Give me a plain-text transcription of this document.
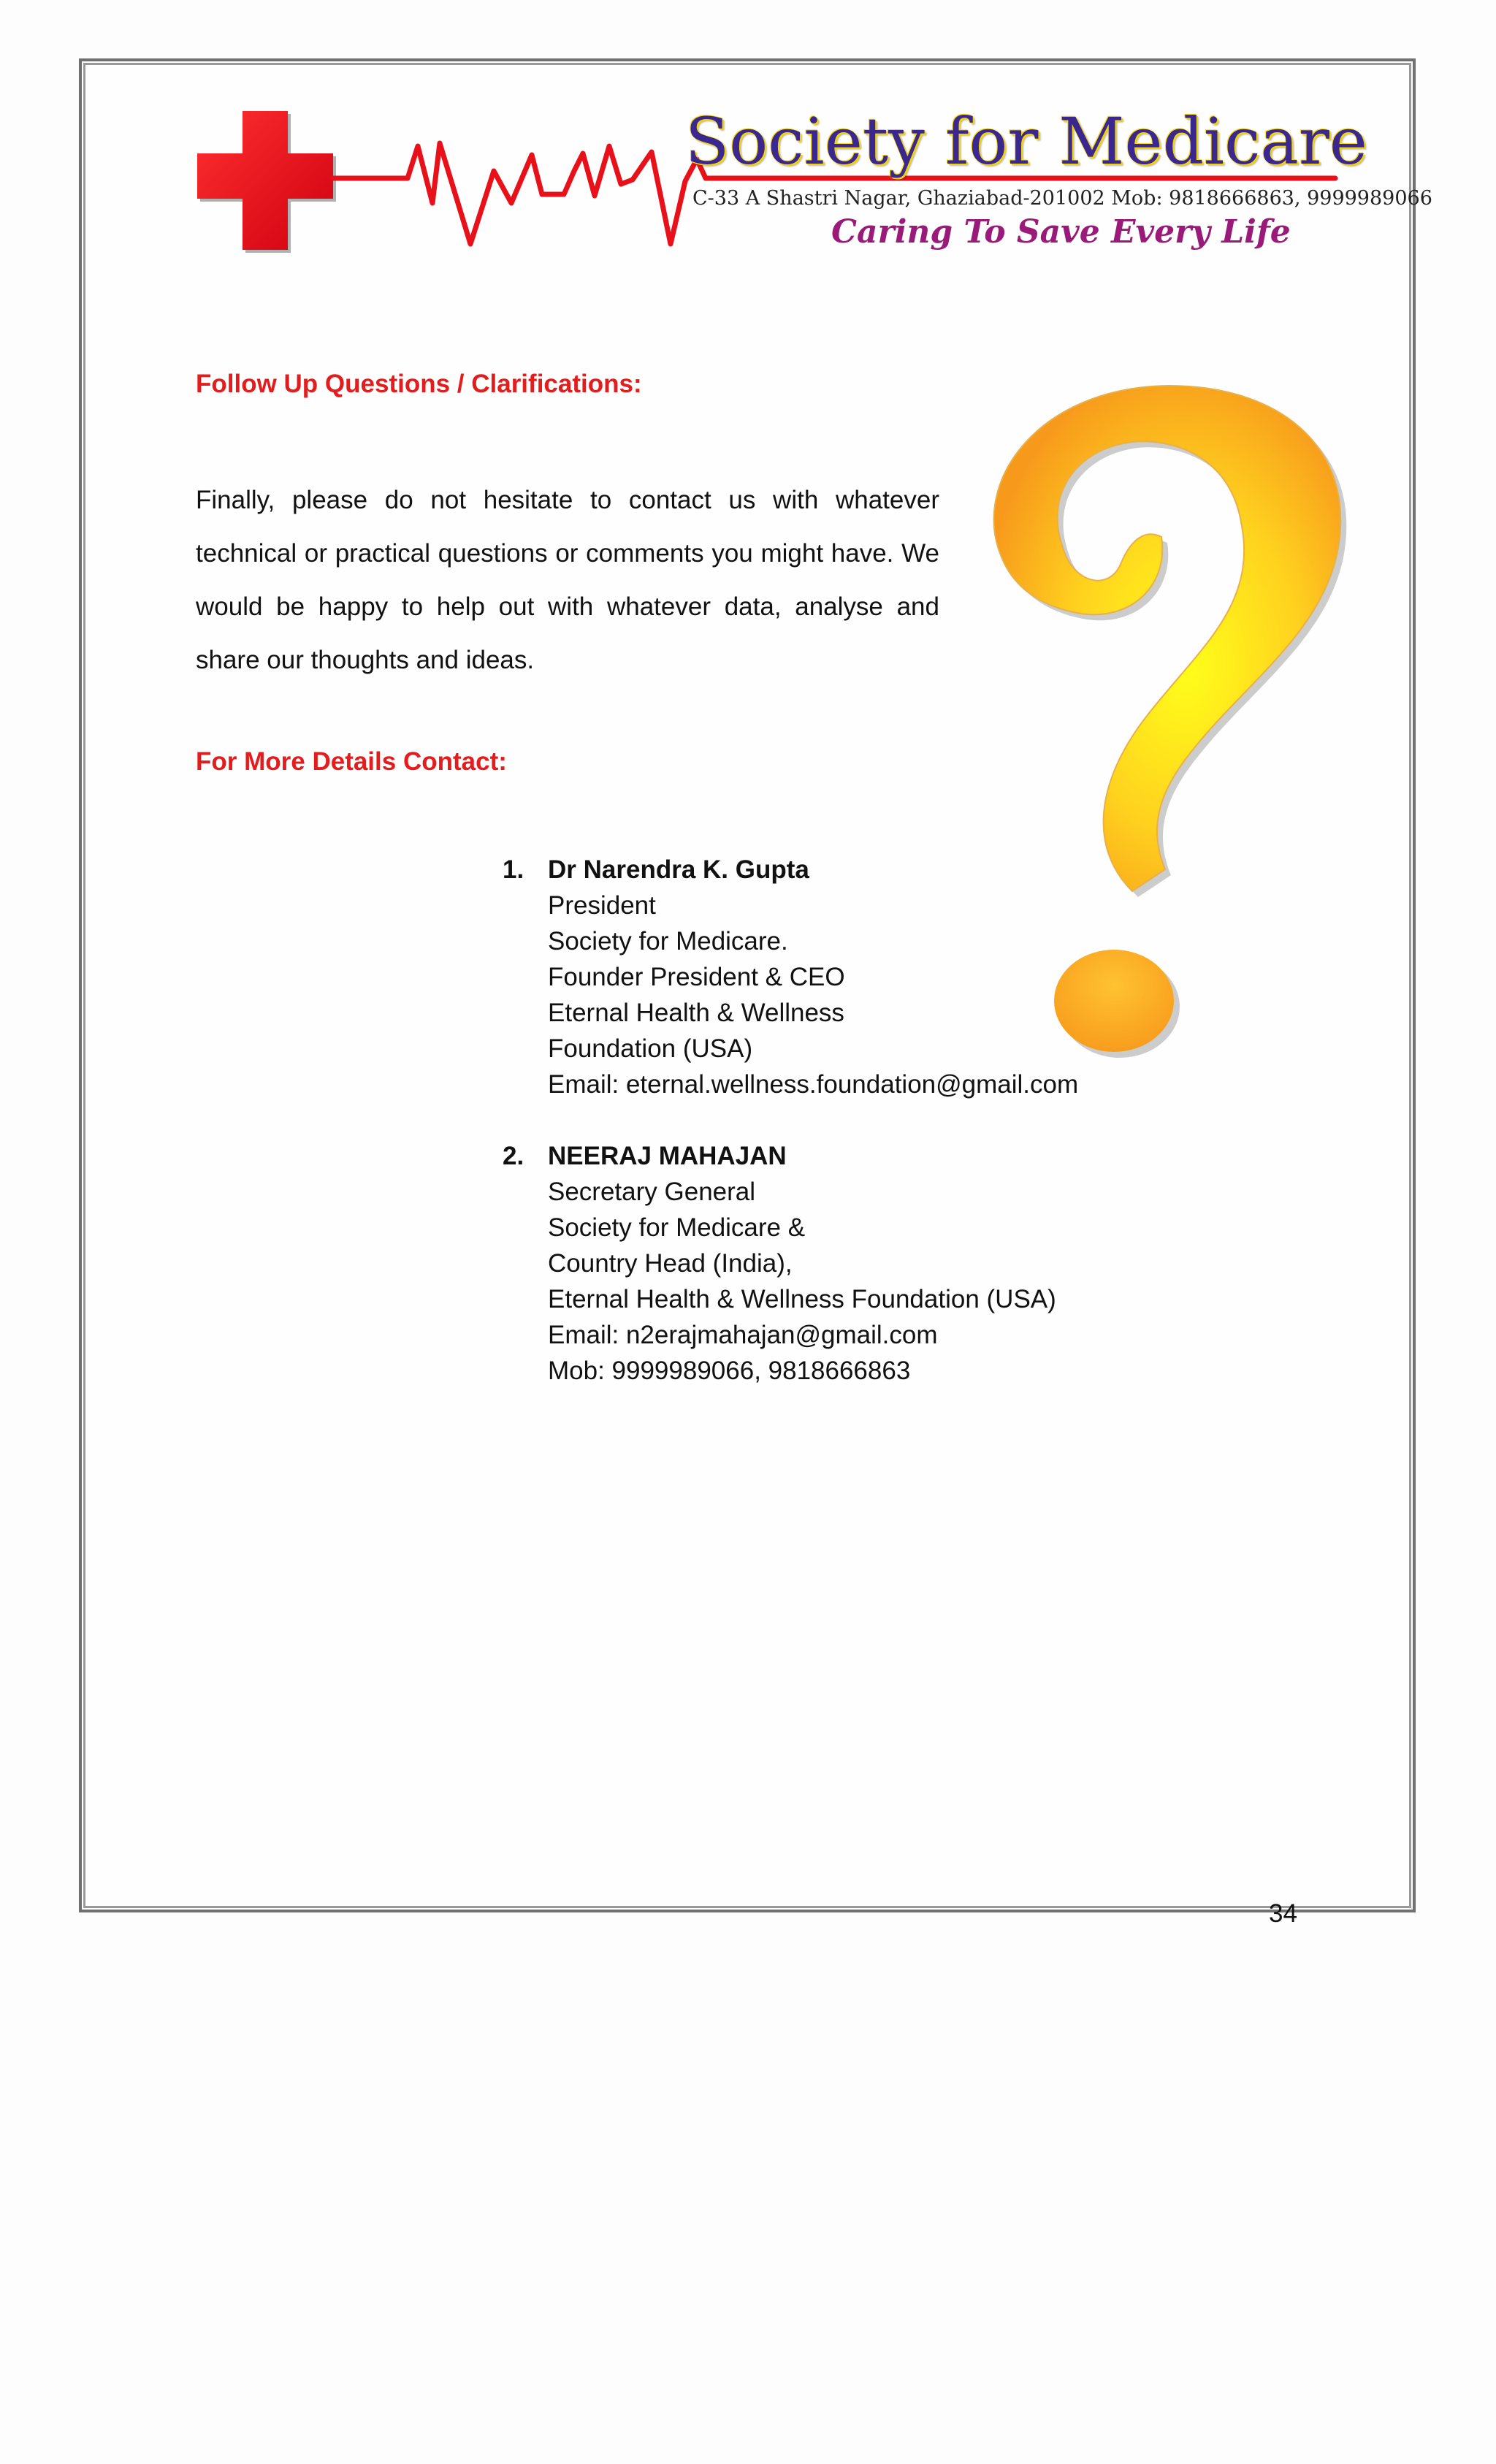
Society for Medicare
C-33 A Shastri Nagar, Ghaziabad-201002 Mob: 9818666863, 9999989066
Caring To Save Every Life
Follow Up Questions / Clarifications:
Finally, please do not hesitate to contact us with whatever technical or practical questions or comments you might have. We would be happy to help out with whatever data, analyse and share our thoughts and ideas.
For More Details Contact:
1. Dr Narendra K. Gupta
President
Society for Medicare.
Founder President & CEO
Eternal Health & Wellness
Foundation (USA)
Email: eternal.wellness.foundation@gmail.com
2. NEERAJ MAHAJAN
Secretary General
Society for Medicare &
Country Head (India),
Eternal Health & Wellness Foundation (USA)
Email: n2erajmahajan@gmail.com
Mob: 9999989066, 9818666863
34
